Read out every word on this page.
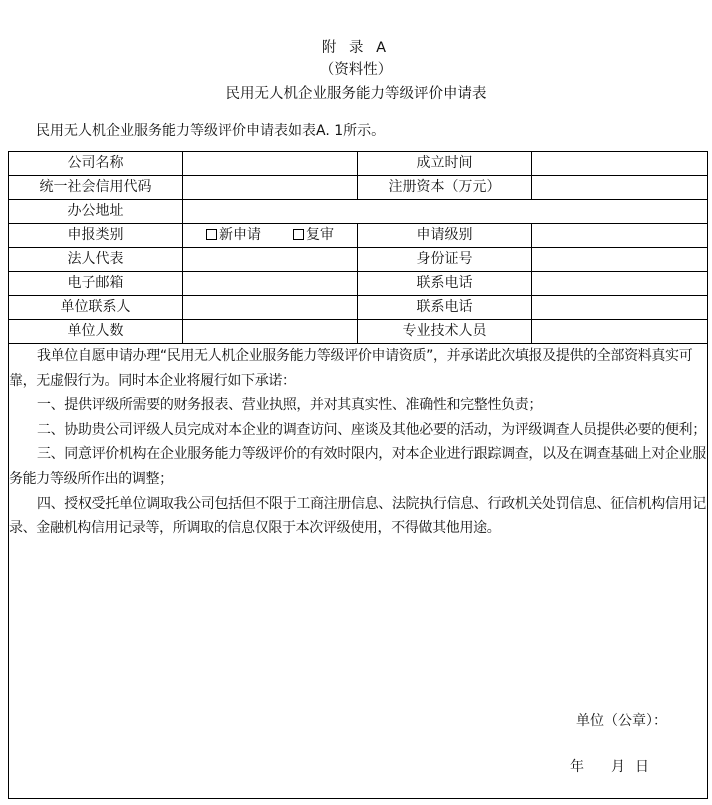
附 录 A
（资料性）
民用无人机企业服务能力等级评价申请表
民用无人机企业服务能力等级评价申请表如表A. 1所示。
公司名称		成立时间	
统一社会信用代码		注册资本（万元）	
办公地址			
申报类别	新申请 复审	申请级别	
法人代表		身份证号	
电子邮箱		联系电话	
单位联系人		联系电话	
单位人数		专业技术人员	

我单位自愿申请办理“民用无人机企业服务能力等级评价申请资质”，并承诺此次填报及提供的全部资料真实可靠，无虚假行为。同时本企业将履行如下承诺：

一、提供评级所需要的财务报表、营业执照，并对其真实性、准确性和完整性负责；

二、协助贵公司评级人员完成对本企业的调查访问、座谈及其他必要的活动，为评级调查人员提供必要的便利；

三、同意评价机构在企业服务能力等级评价的有效时限内，对本企业进行跟踪调查，以及在调查基础上对企业服务能力等级所作出的调整；

四、授权受托单位调取我公司包括但不限于工商注册信息、法院执行信息、行政机关处罚信息、征信机构信用记录、金融机构信用记录等，所调取的信息仅限于本次评级使用，不得做其他用途。			

单位（公章）：
年 月 日
